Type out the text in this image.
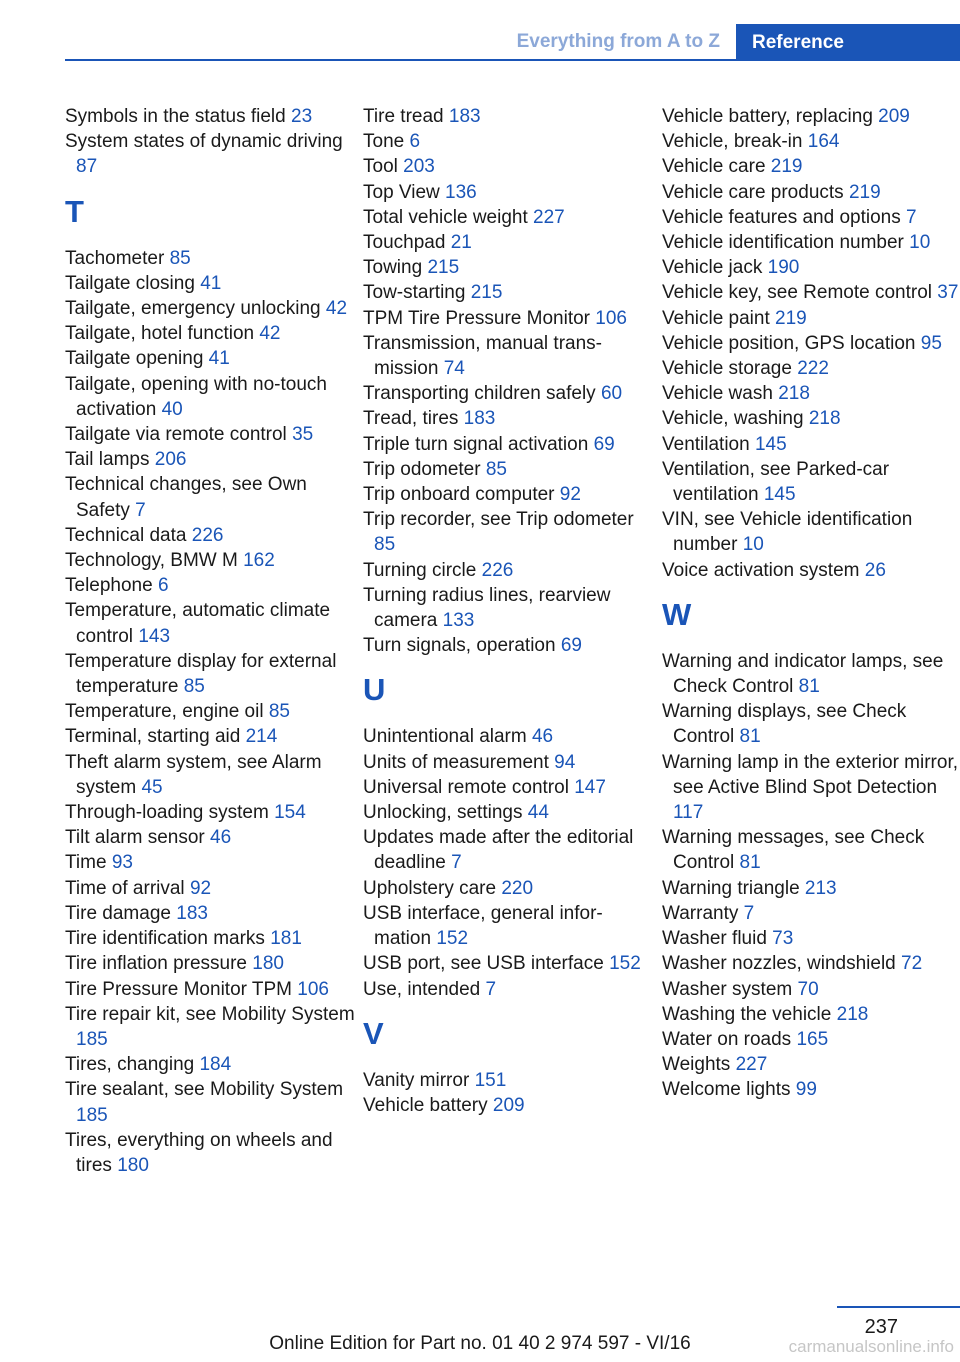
Everything from A to Z	Reference
Symbols in the status field 23
System states of dynamic driving 87
T
Tachometer 85
Tailgate closing 41
Tailgate, emergency unlocking 42
Tailgate, hotel function 42
Tailgate opening 41
Tailgate, opening with no-touch activation 40
Tailgate via remote control 35
Tail lamps 206
Technical changes, see Own Safety 7
Technical data 226
Technology, BMW M 162
Telephone 6
Temperature, automatic climate control 143
Temperature display for external temperature 85
Temperature, engine oil 85
Terminal, starting aid 214
Theft alarm system, see Alarm system 45
Through-loading system 154
Tilt alarm sensor 46
Time 93
Time of arrival 92
Tire damage 183
Tire identification marks 181
Tire inflation pressure 180
Tire Pressure Monitor TPM 106
Tire repair kit, see Mobility System 185
Tires, changing 184
Tire sealant, see Mobility System 185
Tires, everything on wheels and tires 180
Tire tread 183
Tone 6
Tool 203
Top View 136
Total vehicle weight 227
Touchpad 21
Towing 215
Tow-starting 215
TPM Tire Pressure Monitor 106
Transmission, manual transmission 74
Transporting children safely 60
Tread, tires 183
Triple turn signal activation 69
Trip odometer 85
Trip onboard computer 92
Trip recorder, see Trip odometer 85
Turning circle 226
Turning radius lines, rearview camera 133
Turn signals, operation 69
U
Unintentional alarm 46
Units of measurement 94
Universal remote control 147
Unlocking, settings 44
Updates made after the editorial deadline 7
Upholstery care 220
USB interface, general information 152
USB port, see USB interface 152
Use, intended 7
V
Vanity mirror 151
Vehicle battery 209
Vehicle battery, replacing 209
Vehicle, break-in 164
Vehicle care 219
Vehicle care products 219
Vehicle features and options 7
Vehicle identification number 10
Vehicle jack 190
Vehicle key, see Remote control 37
Vehicle paint 219
Vehicle position, GPS location 95
Vehicle storage 222
Vehicle wash 218
Vehicle, washing 218
Ventilation 145
Ventilation, see Parked-car ventilation 145
VIN, see Vehicle identification number 10
Voice activation system 26
W
Warning and indicator lamps, see Check Control 81
Warning displays, see Check Control 81
Warning lamp in the exterior mirror, see Active Blind Spot Detection 117
Warning messages, see Check Control 81
Warning triangle 213
Warranty 7
Washer fluid 73
Washer nozzles, windshield 72
Washer system 70
Washing the vehicle 218
Water on roads 165
Weights 227
Welcome lights 99
237
Online Edition for Part no. 01 40 2 974 597 - VI/16	carmanualsonline.info
